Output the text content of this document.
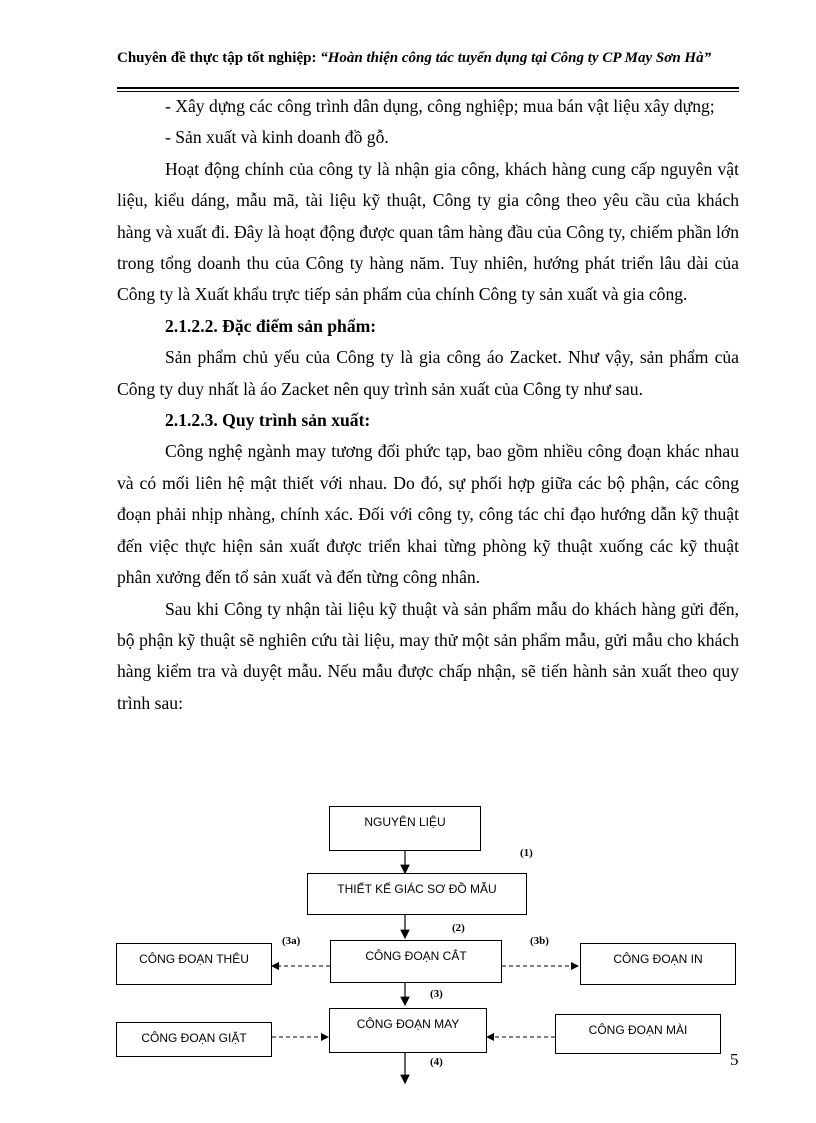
Chuyên đề thực tập tốt nghiệp: “Hoàn thiện công tác tuyển dụng tại Công ty CP May Sơn Hà”

- Xây dựng các công trình dân dụng, công nghiệp; mua bán vật liệu xây dựng;

- Sản xuất và kinh doanh đồ gỗ.

Hoạt động chính của công ty là nhận gia công, khách hàng cung cấp nguyên vật liệu, kiểu dáng, mẫu mã, tài liệu kỹ thuật, Công ty gia công theo yêu cầu của khách hàng và xuất đi. Đây là hoạt động được quan tâm hàng đầu của Công ty, chiếm phần lớn trong tổng doanh thu của Công ty hàng năm. Tuy nhiên, hướng phát triển lâu dài của Công ty là Xuất khẩu trực tiếp sản phẩm của chính Công ty sản xuất và gia công.

2.1.2.2. Đặc điểm sản phẩm:

Sản phẩm chủ yếu của Công ty là gia công áo Zacket. Như vậy, sản phẩm của Công ty duy nhất là áo Zacket nên quy trình sản xuất của Công ty như sau.

2.1.2.3. Quy trình sản xuất:

Công nghệ ngành may tương đối phức tạp, bao gồm nhiều công đoạn khác nhau và có mối liên hệ mật thiết với nhau. Do đó, sự phối hợp giữa các bộ phận, các công đoạn phải nhịp nhàng, chính xác. Đối với công ty, công tác chỉ đạo hướng dẫn kỹ thuật đến việc thực hiện sản xuất được triển khai từng phòng kỹ thuật xuống các kỹ thuật phân xưởng đến tổ sản xuất và đến từng công nhân.

Sau khi Công ty nhận tài liệu kỹ thuật và sản phẩm mẫu do khách hàng gửi đến, bộ phận kỹ thuật sẽ nghiên cứu tài liệu, may thử một sản phẩm mẫu, gửi mẫu cho khách hàng kiểm tra và duyệt mẫu. Nếu mẫu được chấp nhận, sẽ tiến hành sản xuất theo quy trình sau:

NGUYÊN LIỆU
THIẾT KẾ GIÁC SƠ ĐỒ MẪU
CÔNG ĐOẠN CẮT
CÔNG ĐOẠN THÊU	CÔNG ĐOẠN IN
CÔNG ĐOẠN MAY
CÔNG ĐOẠN GIẶT
CÔNG ĐOẠN MÀI
(1)
(2)
(3a)	(3b)
(3)
(4)	5
